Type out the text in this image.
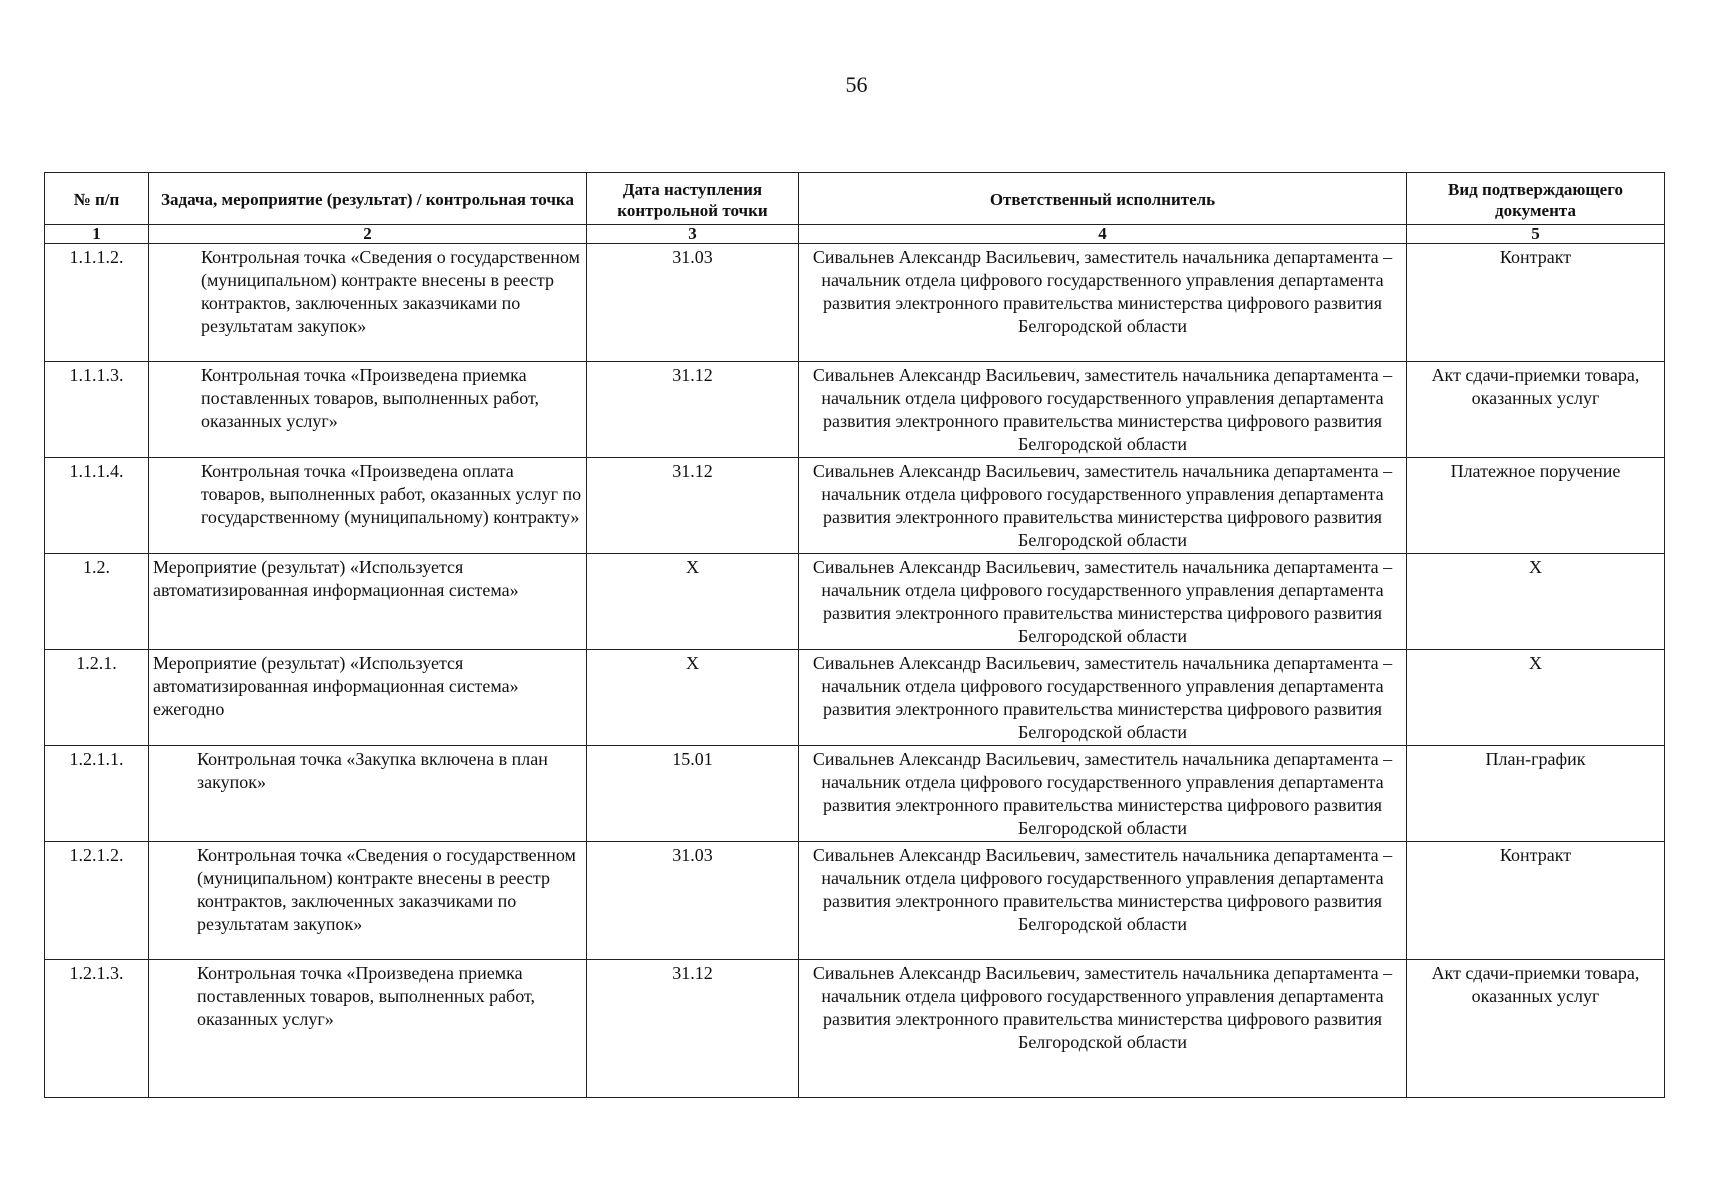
56
№ п/п	Задача, мероприятие (результат) / контрольная точка	Дата наступления контрольной точки	Ответственный исполнитель	Вид подтверждающего документа
1	2	3	4	5
1.1.1.2.	Контрольная точка «Сведения о государственном (муниципальном) контракте внесены в реестр контрактов, заключенных заказчиками по результатам закупок»	31.03	Сивальнев Александр Васильевич, заместитель начальника департамента – начальник отдела цифрового государственного управления департамента развития электронного правительства министерства цифрового развития Белгородской области	Контракт
1.1.1.3.	Контрольная точка «Произведена приемка поставленных товаров, выполненных работ, оказанных услуг»	31.12	Сивальнев Александр Васильевич, заместитель начальника департамента – начальник отдела цифрового государственного управления департамента развития электронного правительства министерства цифрового развития Белгородской области	Акт сдачи-приемки товара, оказанных услуг
1.1.1.4.	Контрольная точка «Произведена оплата товаров, выполненных работ, оказанных услуг по государственному (муниципальному) контракту»	31.12	Сивальнев Александр Васильевич, заместитель начальника департамента – начальник отдела цифрового государственного управления департамента развития электронного правительства министерства цифрового развития Белгородской области	Платежное поручение
1.2.	Мероприятие (результат) «Используется автоматизированная информационная система»	Х	Сивальнев Александр Васильевич, заместитель начальника департамента – начальник отдела цифрового государственного управления департамента развития электронного правительства министерства цифрового развития Белгородской области	Х
1.2.1.	Мероприятие (результат) «Используется автоматизированная информационная система» ежегодно	Х	Сивальнев Александр Васильевич, заместитель начальника департамента – начальник отдела цифрового государственного управления департамента развития электронного правительства министерства цифрового развития Белгородской области	Х
1.2.1.1.	Контрольная точка «Закупка включена в план закупок»	15.01	Сивальнев Александр Васильевич, заместитель начальника департамента – начальник отдела цифрового государственного управления департамента развития электронного правительства министерства цифрового развития Белгородской области	План-график
1.2.1.2.	Контрольная точка «Сведения о государственном (муниципальном) контракте внесены в реестр контрактов, заключенных заказчиками по результатам закупок»	31.03	Сивальнев Александр Васильевич, заместитель начальника департамента – начальник отдела цифрового государственного управления департамента развития электронного правительства министерства цифрового развития Белгородской области	Контракт
1.2.1.3.	Контрольная точка «Произведена приемка поставленных товаров, выполненных работ, оказанных услуг»	31.12	Сивальнев Александр Васильевич, заместитель начальника департамента – начальник отдела цифрового государственного управления департамента развития электронного правительства министерства цифрового развития Белгородской области	Акт сдачи-приемки товара, оказанных услуг
